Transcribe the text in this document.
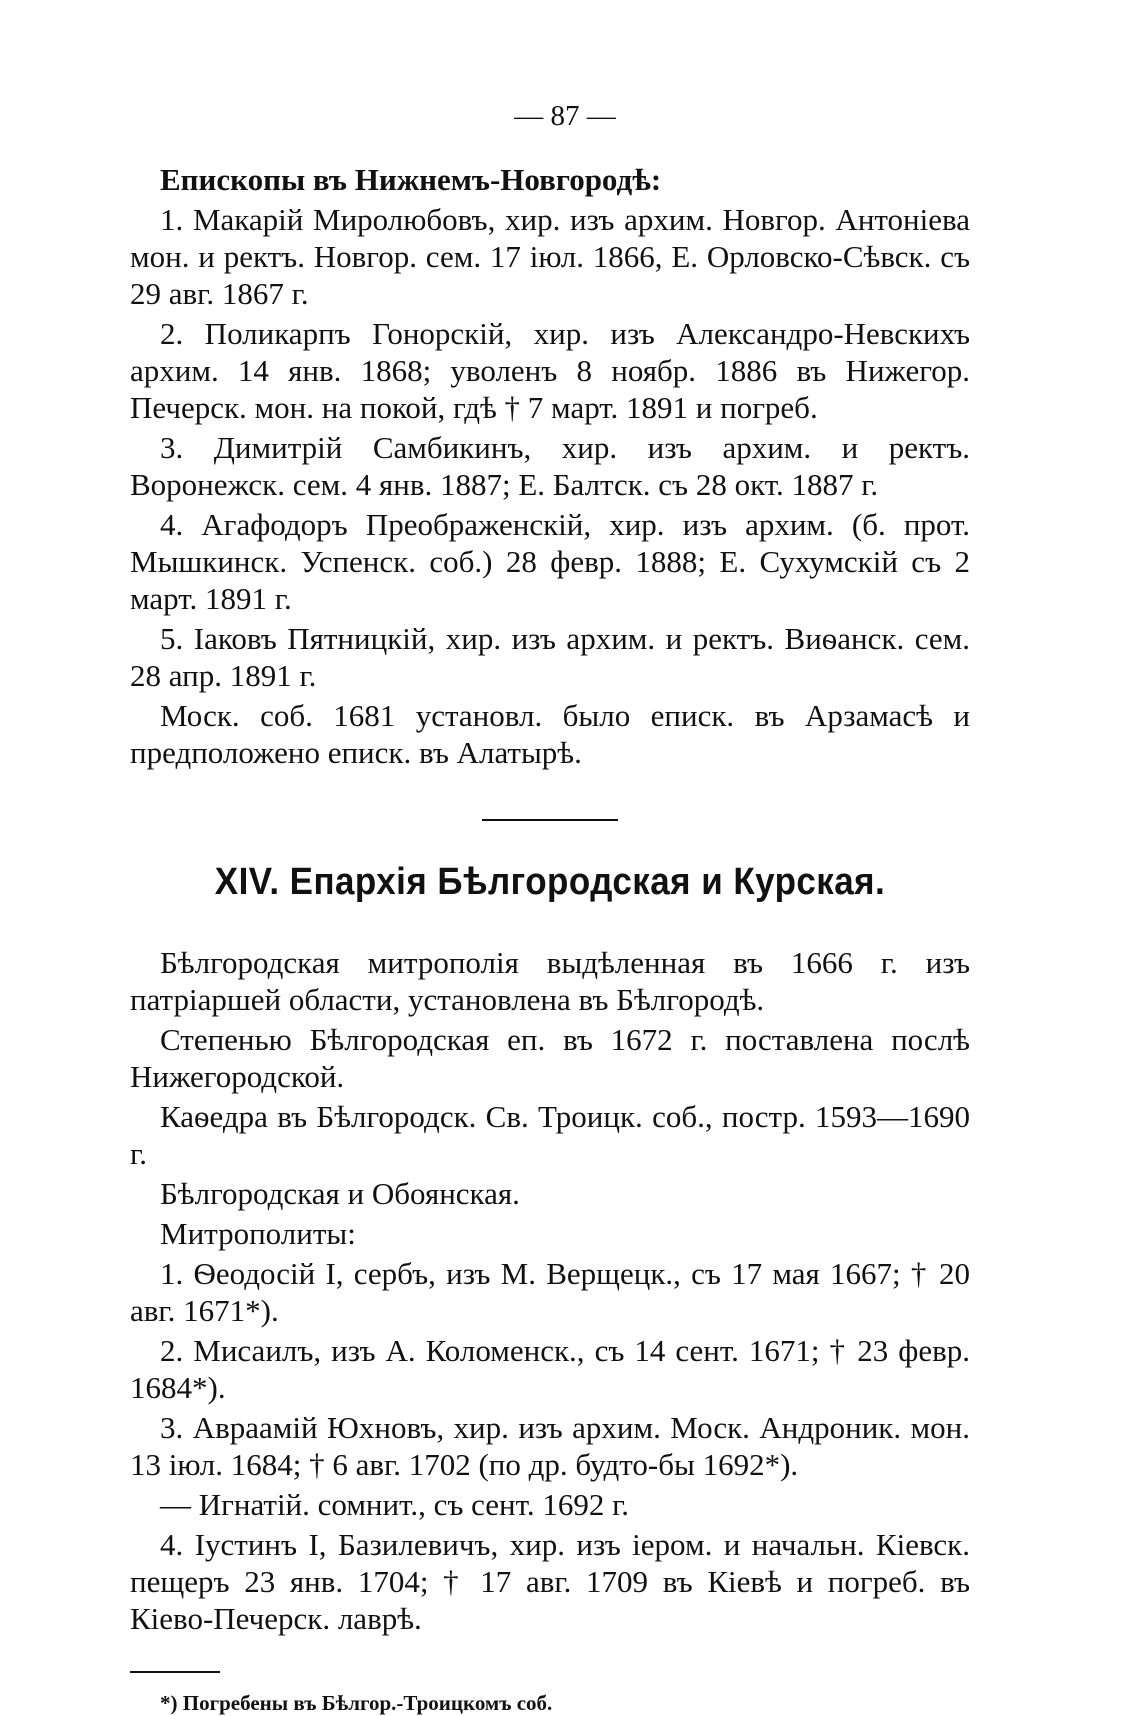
— 87 —

Епископы въ Нижнемъ-Новгородѣ:

1. Макарій Миролюбовъ, хир. изъ архим. Новгор. Антоніева мон. и ректъ. Новгор. сем. 17 іюл. 1866, Е. Орловско-Сѣвск. съ 29 авг. 1867 г.

2. Поликарпъ Гонорскій, хир. изъ Александро-Невскихъ архим. 14 янв. 1868; уволенъ 8 ноябр. 1886 въ Нижегор. Печерск. мон. на покой, гдѣ † 7 март. 1891 и погреб.

3. Димитрій Самбикинъ, хир. изъ архим. и ректъ. Воронежск. сем. 4 янв. 1887; Е. Балтск. съ 28 окт. 1887 г.

4. Агафодоръ Преображенскій, хир. изъ архим. (б. прот. Мышкинск. Успенск. соб.) 28 февр. 1888; Е. Сухумскій съ 2 март. 1891 г.

5. Іаковъ Пятницкій, хир. изъ архим. и ректъ. Виѳанск. сем. 28 апр. 1891 г.

Моск. соб. 1681 установл. было еписк. въ Арзамасѣ и предположено еписк. въ Алатырѣ.

XIV. Епархія Бѣлгородская и Курская.

Бѣлгородская митрополія выдѣленная въ 1666 г. изъ патріаршей области, установлена въ Бѣлгородѣ.

Степенью Бѣлгородская еп. въ 1672 г. поставлена послѣ Нижегородской.

Каѳедра въ Бѣлгородск. Св. Троицк. соб., постр. 1593—1690 г.

Бѣлгородская и Обоянская.

Митрополиты:

1. Ѳеодосій I, сербъ, изъ М. Верщецк., съ 17 мая 1667; † 20 авг. 1671*).

2. Мисаилъ, изъ А. Коломенск., съ 14 сент. 1671; † 23 февр. 1684*).

3. Авраамій Юхновъ, хир. изъ архим. Моск. Андроник. мон. 13 іюл. 1684; † 6 авг. 1702 (по др. будто-бы 1692*).

— Игнатій. сомнит., съ сент. 1692 г.

4. Іустинъ I, Базилевичъ, хир. изъ іером. и начальн. Кіевск. пещеръ 23 янв. 1704; † 17 авг. 1709 въ Кіевѣ и погреб. въ Кіево-Печерск. лаврѣ.

*) Погребены въ Бѣлгор.-Троицкомъ соб.
